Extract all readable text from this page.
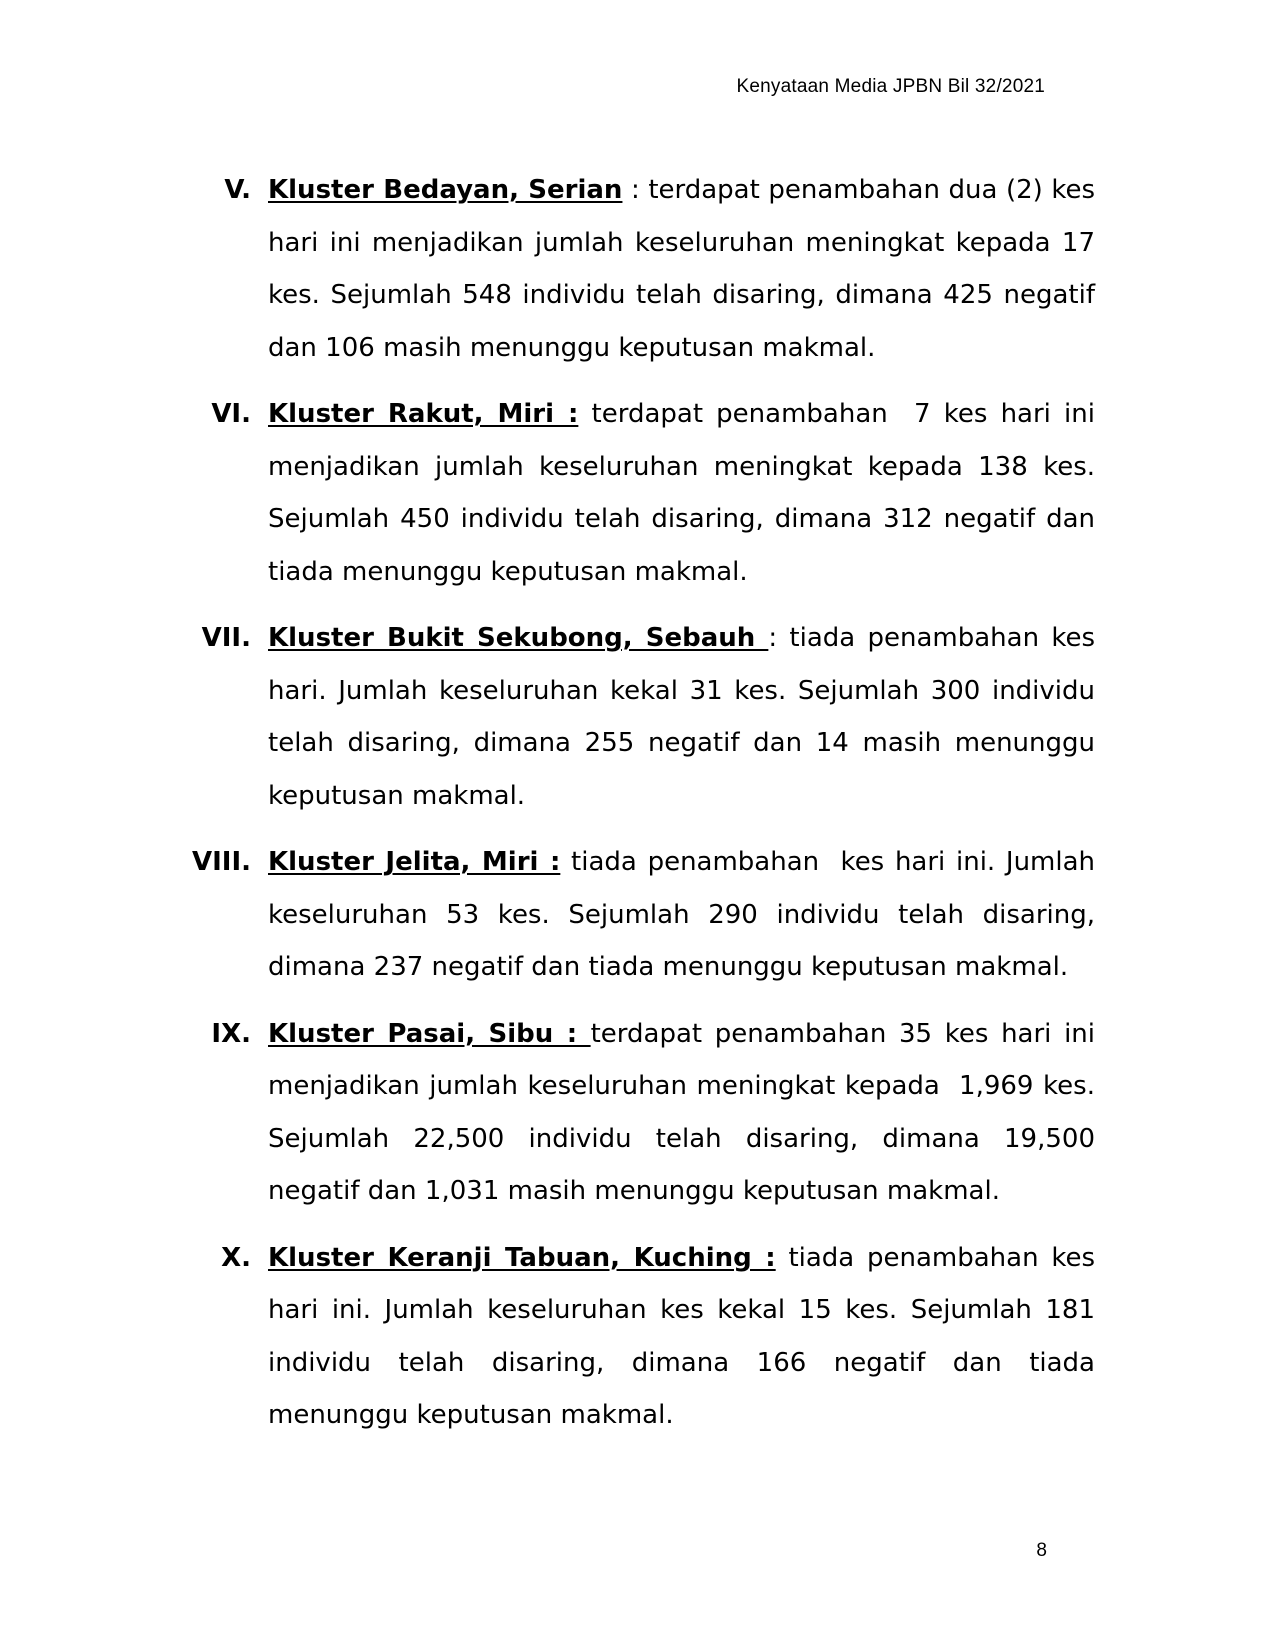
Kenyataan Media JPBN Bil 32/2021
V. Kluster Bedayan, Serian : terdapat penambahan dua (2) kes hari ini menjadikan jumlah keseluruhan meningkat kepada 17 kes. Sejumlah 548 individu telah disaring, dimana 425 negatif dan 106 masih menunggu keputusan makmal.

VI. Kluster Rakut, Miri : terdapat penambahan  7 kes hari ini menjadikan jumlah keseluruhan meningkat kepada 138 kes. Sejumlah 450 individu telah disaring, dimana 312 negatif dan tiada menunggu keputusan makmal.

VII. Kluster Bukit Sekubong, Sebauh : tiada penambahan kes hari. Jumlah keseluruhan kekal 31 kes. Sejumlah 300 individu telah disaring, dimana 255 negatif dan 14 masih menunggu keputusan makmal.

VIII. Kluster Jelita, Miri : tiada penambahan  kes hari ini. Jumlah keseluruhan 53 kes. Sejumlah 290 individu telah disaring, dimana 237 negatif dan tiada menunggu keputusan makmal.

IX. Kluster Pasai, Sibu : terdapat penambahan 35 kes hari ini menjadikan jumlah keseluruhan meningkat kepada  1,969 kes. Sejumlah 22,500 individu telah disaring, dimana 19,500 negatif dan 1,031 masih menunggu keputusan makmal.

X. Kluster Keranji Tabuan, Kuching : tiada penambahan kes hari ini. Jumlah keseluruhan kes kekal 15 kes. Sejumlah 181 individu telah disaring, dimana 166 negatif dan tiada menunggu keputusan makmal.

8
